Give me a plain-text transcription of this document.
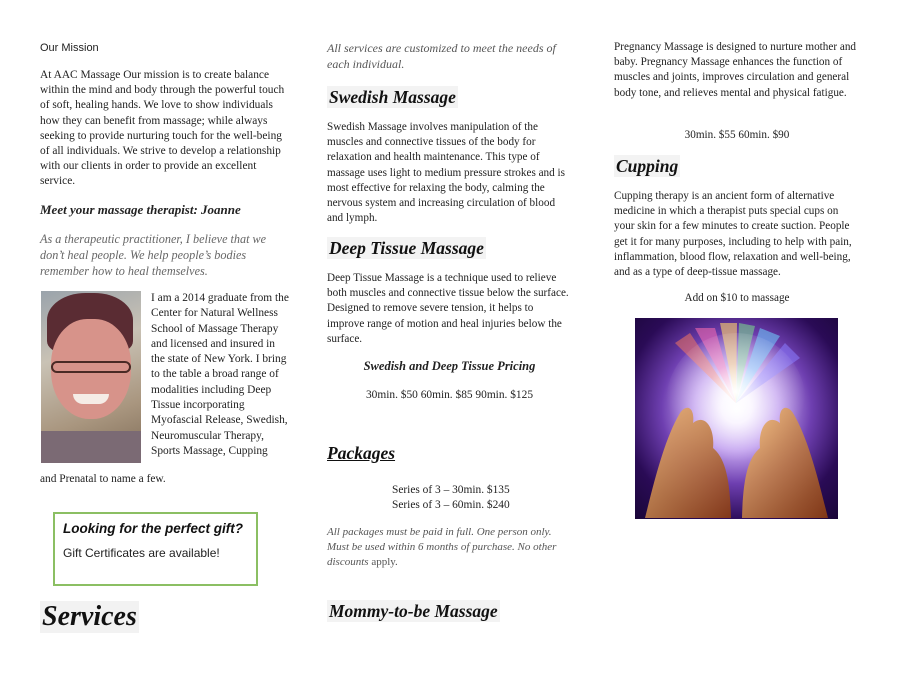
Our Mission
At AAC Massage Our mission is to create balance within the mind and body through the powerful touch of soft, healing hands. We love to show individuals how they can benefit from massage; while always seeking to provide nurturing touch for the well-being of all individuals. We strive to develop a relationship with our clients in order to provide an excellent service.
Meet your massage therapist: Joanne
As a therapeutic practitioner, I believe that we don’t heal people. We help people’s bodies remember how to heal themselves.
I am a 2014 graduate from the Center for Natural Wellness School of Massage Therapy and licensed and insured in the state of New York. I bring to the table a broad range of modalities including Deep Tissue incorporating Myofascial Release, Swedish, Neuromuscular Therapy, Sports Massage, Cupping
and Prenatal to name a few.
Looking for the perfect gift?
Gift Certificates are available!
Services
All services are customized to meet the needs of each individual.
Swedish Massage
Swedish Massage involves manipulation of the muscles and connective tissues of the body for relaxation and health maintenance. This type of massage uses light to medium pressure strokes and is most effective for relaxing the body, calming the nervous system and increasing circulation of blood and lymph.
Deep Tissue Massage
Deep Tissue Massage is a technique used to relieve both muscles and connective tissue below the surface. Designed to remove severe tension, it helps to improve range of motion and heal injuries below the surface.
Swedish and Deep Tissue Pricing
30min. $50 60min. $85 90min. $125
Packages
Series of 3 – 30min. $135
Series of 3 – 60min. $240
All packages must be paid in full. One person only. Must be used within 6 months of purchase. No other discounts apply.
Mommy-to-be Massage
Pregnancy Massage is designed to nurture mother and baby. Pregnancy Massage enhances the function of muscles and joints, improves circulation and general body tone, and relieves mental and physical fatigue.
30min. $55 60min. $90
Cupping
Cupping therapy is an ancient form of alternative medicine in which a therapist puts special cups on your skin for a few minutes to create suction. People get it for many purposes, including to help with pain, inflammation, blood flow, relaxation and well-being, and as a type of deep-tissue massage.
Add on $10 to massage
